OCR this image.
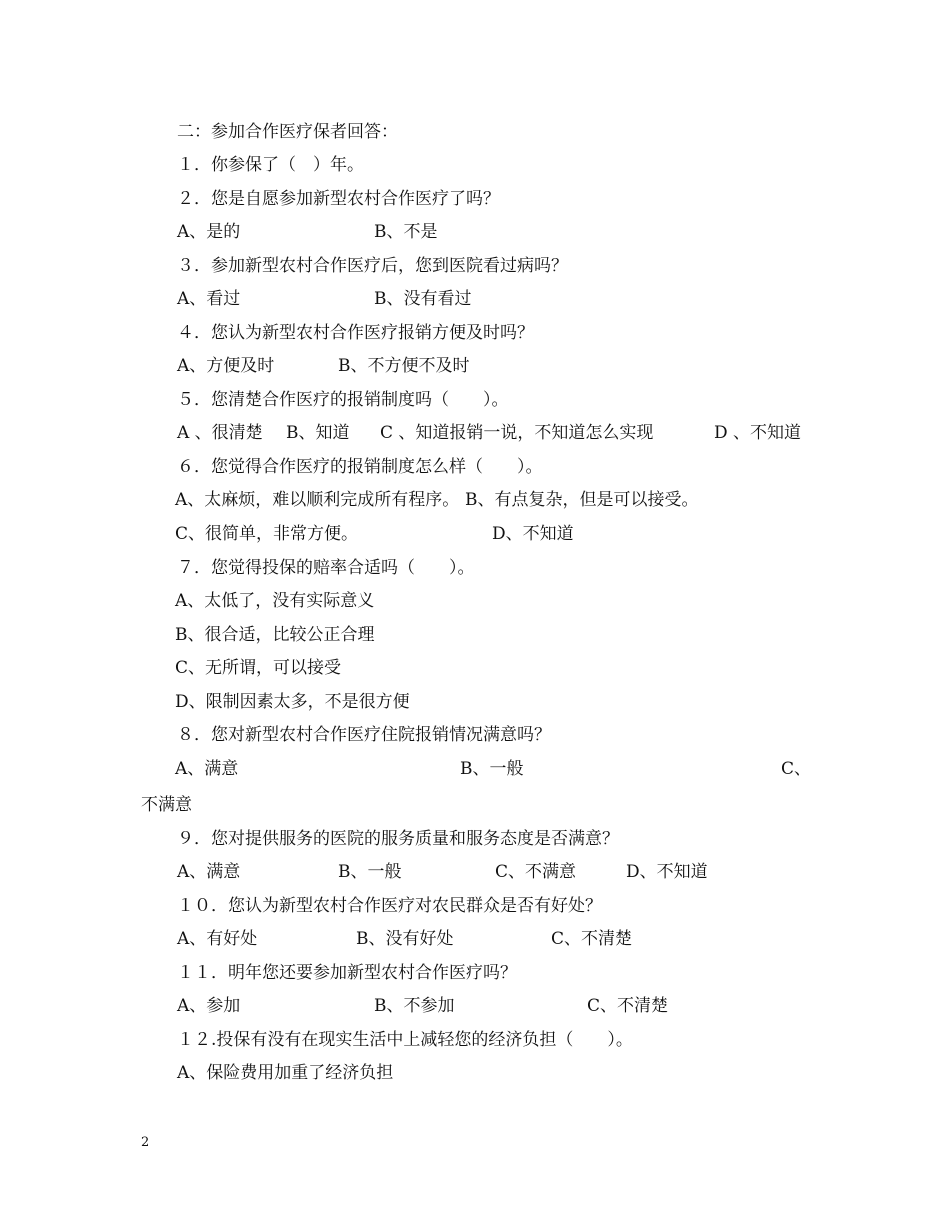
二：参加合作医疗保者回答：
１．你参保了（　）年。
２．您是自愿参加新型农村合作医疗了吗？
A、是的	B、不是
３．参加新型农村合作医疗后，您到医院看过病吗？
A、看过	B、没有看过
４．您认为新型农村合作医疗报销方便及时吗？
A、方便及时	B、不方便不及时
５．您清楚合作医疗的报销制度吗（　　）。
A 、很清楚 B、知道 C 、知道报销一说，不知道怎么实现	D 、不知道
６．您觉得合作医疗的报销制度怎么样（　　）。
A、太麻烦，难以顺利完成所有程序。 B、有点复杂，但是可以接受。
C、很简单，非常方便。	D、不知道
７．您觉得投保的赔率合适吗（　　）。
A、太低了，没有实际意义
B、很合适，比较公正合理
C、无所谓，可以接受
D、限制因素太多，不是很方便
８．您对新型农村合作医疗住院报销情况满意吗？
A、满意	B、一般	C、
不满意
９．您对提供服务的医院的服务质量和服务态度是否满意？
A、满意	B、一般	C、不满意	D、不知道
１０．您认为新型农村合作医疗对农民群众是否有好处？
A、有好处	B、没有好处	C、不清楚
１１．明年您还要参加新型农村合作医疗吗？
A、参加	B、不参加	C、不清楚
１２.投保有没有在现实生活中上减轻您的经济负担（　　）。
A、保险费用加重了经济负担
2
